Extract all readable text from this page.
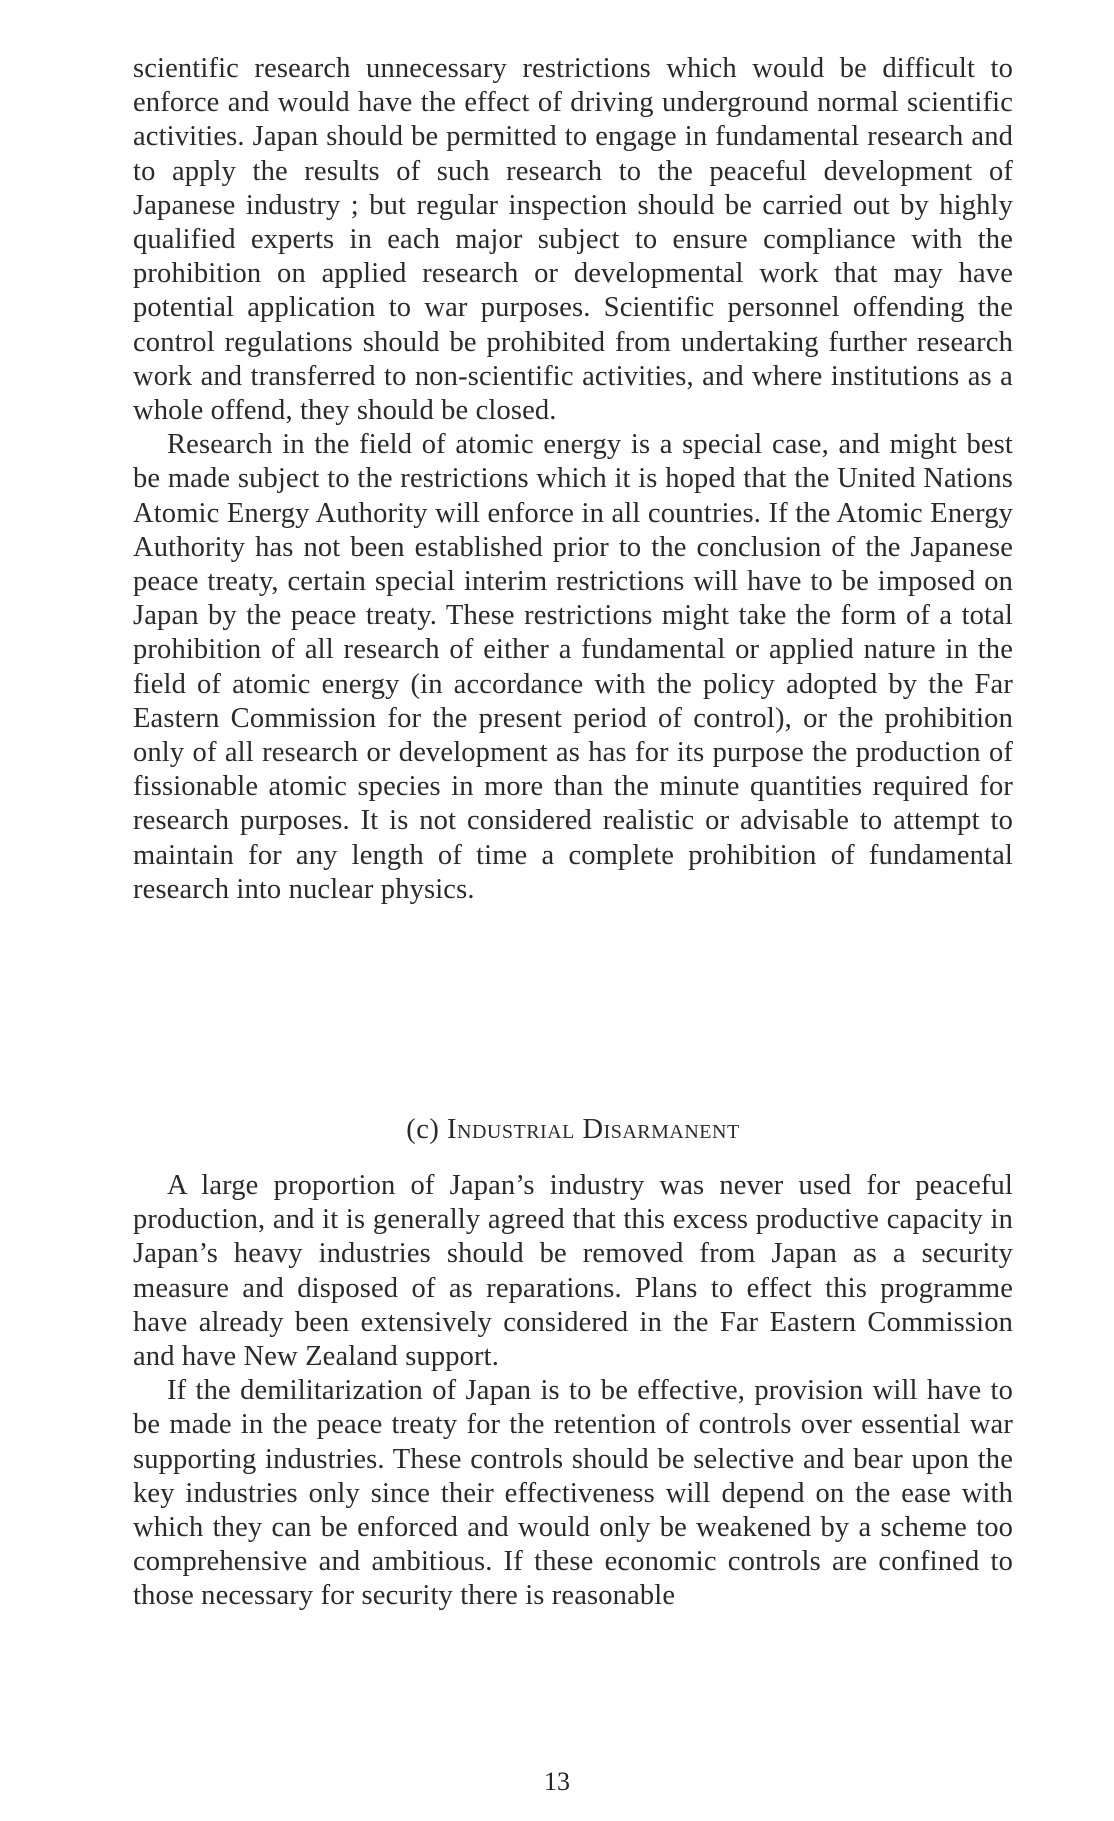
scientific research unnecessary restrictions which would be difficult to enforce and would have the effect of driving underground normal scientific activities. Japan should be permitted to engage in fundamental research and to apply the results of such research to the peaceful development of Japanese industry ; but regular inspection should be carried out by highly qualified experts in each major subject to ensure compliance with the prohibition on applied research or developmental work that may have potential application to war purposes. Scientific personnel offending the control regulations should be prohibited from undertaking further research work and transferred to non-scientific activities, and where institutions as a whole offend, they should be closed.

Research in the field of atomic energy is a special case, and might best be made subject to the restrictions which it is hoped that the United Nations Atomic Energy Authority will enforce in all countries. If the Atomic Energy Authority has not been established prior to the conclusion of the Japanese peace treaty, certain special interim restrictions will have to be imposed on Japan by the peace treaty. These restrictions might take the form of a total prohibition of all research of either a fundamental or applied nature in the field of atomic energy (in accordance with the policy adopted by the Far Eastern Commission for the present period of control), or the prohibition only of all research or development as has for its purpose the production of fissionable atomic species in more than the minute quantities required for research purposes. It is not considered realistic or advisable to attempt to maintain for any length of time a complete prohibition of fundamental research into nuclear physics.

(c) Industrial Disarmanent

A large proportion of Japan’s industry was never used for peaceful production, and it is generally agreed that this excess productive capacity in Japan’s heavy industries should be removed from Japan as a security measure and disposed of as reparations. Plans to effect this programme have already been extensively considered in the Far Eastern Commission and have New Zealand support.

If the demilitarization of Japan is to be effective, provision will have to be made in the peace treaty for the retention of controls over essential war supporting industries. These controls should be selective and bear upon the key industries only since their effectiveness will depend on the ease with which they can be enforced and would only be weakened by a scheme too comprehensive and ambitious. If these economic controls are confined to those necessary for security there is reasonable

13
